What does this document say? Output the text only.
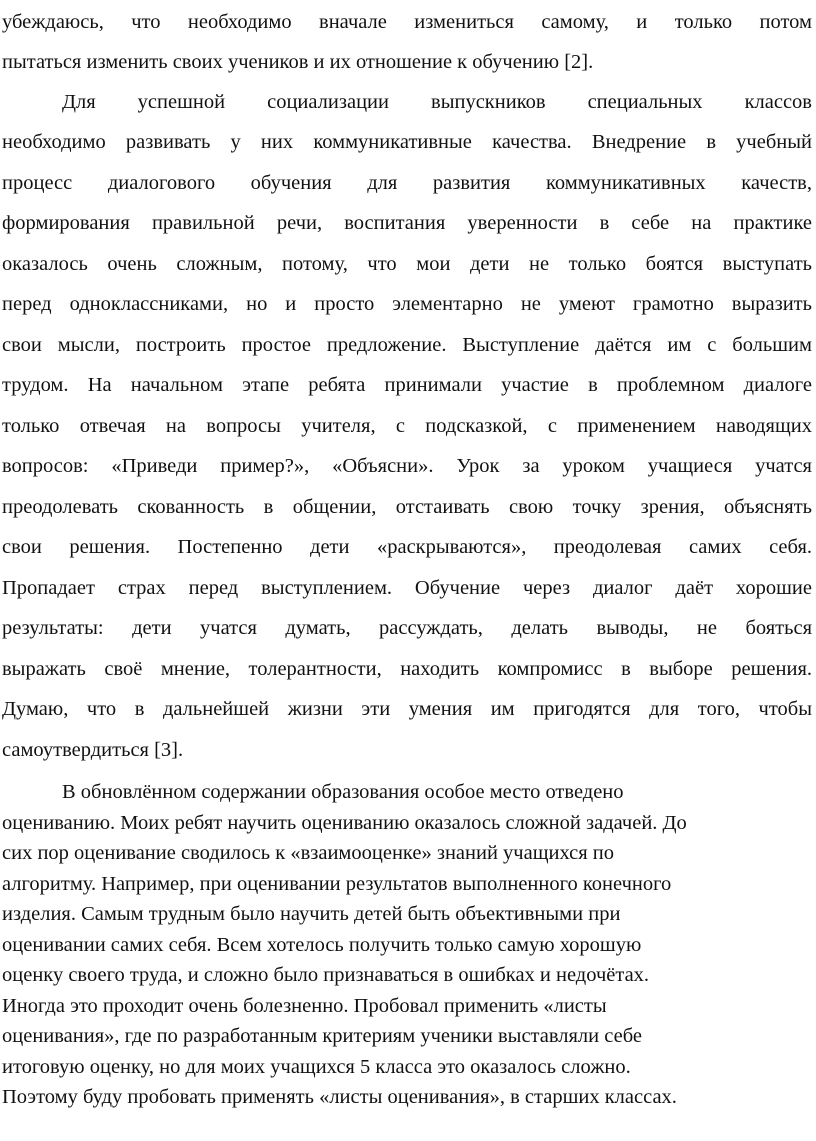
убеждаюсь, что необходимо вначале измениться самому, и только потом
пытаться изменить своих учеников и их отношение к обучению [2].
Для успешной социализации выпускников специальных классов
необходимо развивать у них коммуникативные качества. Внедрение в учебный
процесс диалогового обучения для развития коммуникативных качеств,
формирования правильной речи, воспитания уверенности в себе на практике
оказалось очень сложным, потому, что мои дети не только боятся выступать
перед одноклассниками, но и просто элементарно не умеют грамотно выразить
свои мысли, построить простое предложение. Выступление даётся им с большим
трудом. На начальном этапе ребята принимали участие в проблемном диалоге
только отвечая на вопросы учителя, с подсказкой, с применением наводящих
вопросов: «Приведи пример?», «Объясни». Урок за уроком учащиеся учатся
преодолевать скованность в общении, отстаивать свою точку зрения, объяснять
свои решения. Постепенно дети «раскрываются», преодолевая самих себя.
Пропадает страх перед выступлением. Обучение через диалог даёт хорошие
результаты: дети учатся думать, рассуждать, делать выводы, не бояться
выражать своё мнение, толерантности, находить компромисс в выборе решения.
Думаю, что в дальнейшей жизни эти умения им пригодятся для того, чтобы
самоутвердиться [3].
В обновлённом содержании образования особое место отведено
оцениванию. Моих ребят научить оцениванию оказалось сложной задачей. До
сих пор оценивание сводилось к «взаимооценке» знаний учащихся по
алгоритму. Например, при оценивании результатов выполненного конечного
изделия. Самым трудным было научить детей быть объективными при
оценивании самих себя. Всем хотелось получить только самую хорошую
оценку своего труда, и сложно было признаваться в ошибках и недочётах.
Иногда это проходит очень болезненно. Пробовал применить «листы
оценивания», где по разработанным критериям ученики выставляли себе
итоговую оценку, но для моих учащихся 5 класса это оказалось сложно.
Поэтому буду пробовать применять «листы оценивания», в старших классах.
